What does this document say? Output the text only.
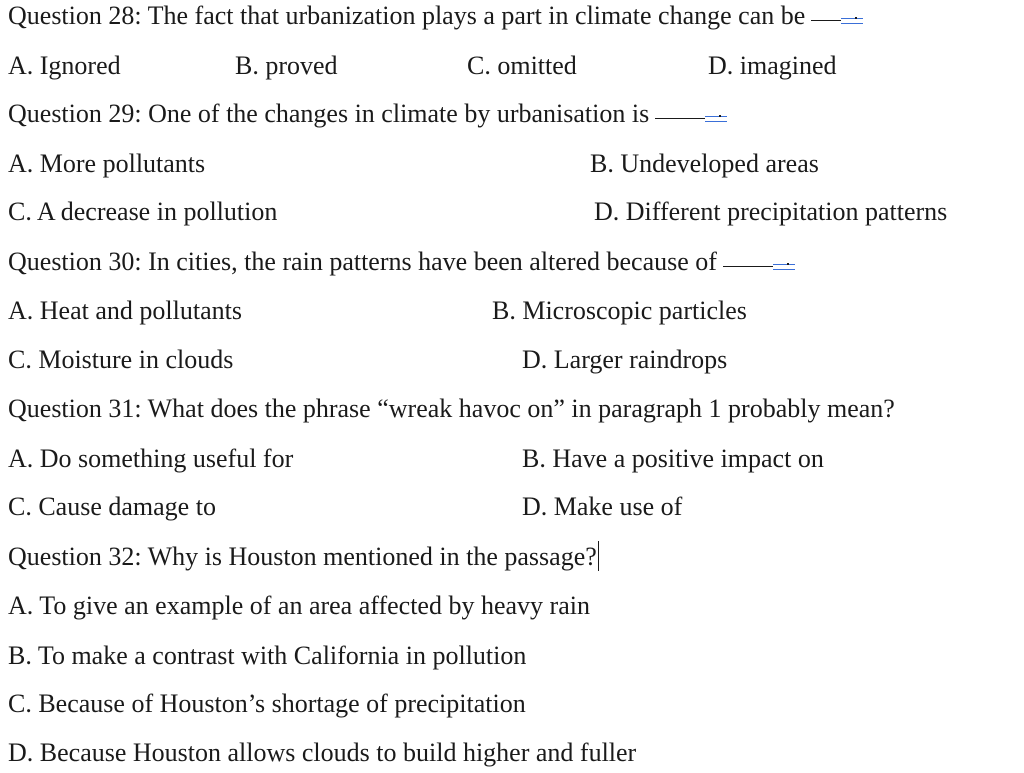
Question 28: The fact that urbanization plays a part in climate change can be
A. Ignored	B. proved	C. omitted	D. imagined
Question 29: One of the changes in climate by urbanisation is
A. More pollutants	B. Undeveloped areas
C. A decrease in pollution	D. Different precipitation patterns
Question 30: In cities, the rain patterns have been altered because of
A. Heat and pollutants	B. Microscopic particles
C. Moisture in clouds	D. Larger raindrops
Question 31: What does the phrase “wreak havoc on” in paragraph 1 probably mean?
A. Do something useful for	B. Have a positive impact on
C. Cause damage to	D. Make use of
Question 32: Why is Houston mentioned in the passage?
A. To give an example of an area affected by heavy rain
B. To make a contrast with California in pollution
C. Because of Houston’s shortage of precipitation
D. Because Houston allows clouds to build higher and fuller
